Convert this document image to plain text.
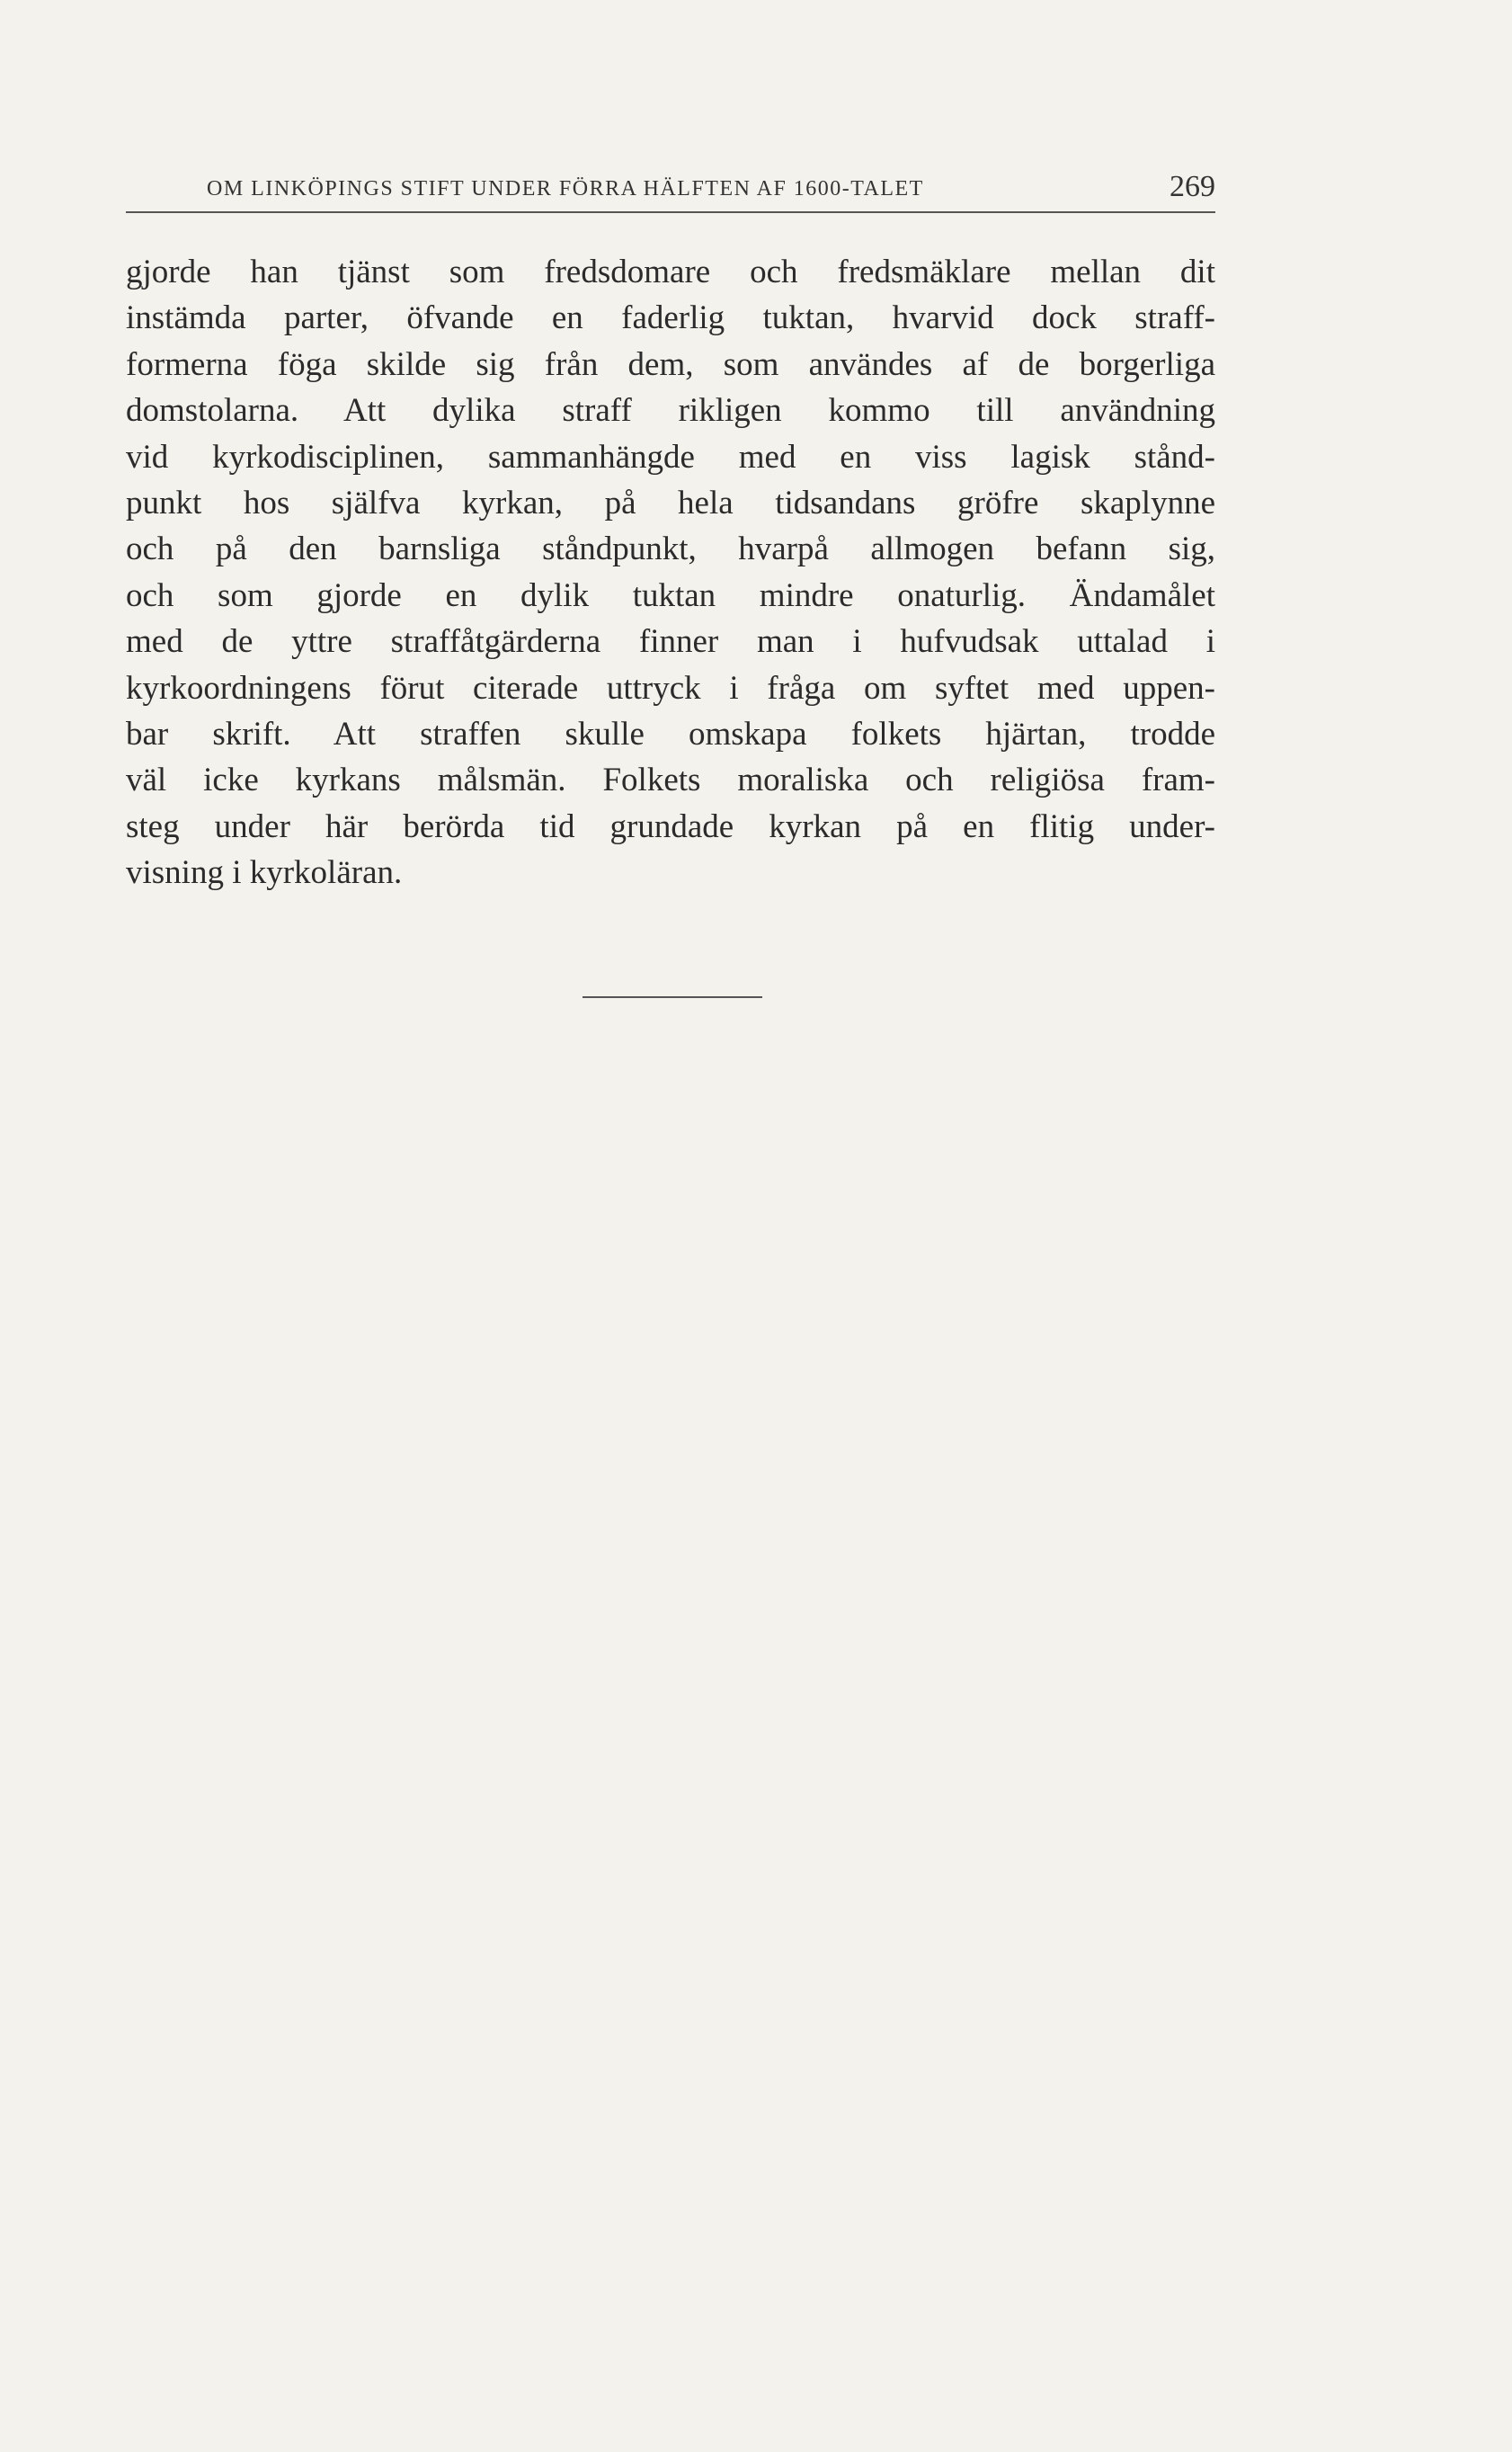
OM LINKÖPINGS STIFT UNDER FÖRRA HÄLFTEN AF 1600-TALET	269

gjorde han tjänst som fredsdomare och fredsmäklare mellan dit
instämda parter, öfvande en faderlig tuktan, hvarvid dock straff-
formerna föga skilde sig från dem, som användes af de borgerliga
domstolarna. Att dylika straff rikligen kommo till användning
vid kyrkodisciplinen, sammanhängde med en viss lagisk stånd-
punkt hos själfva kyrkan, på hela tidsandans gröfre skaplynne
och på den barnsliga ståndpunkt, hvarpå allmogen befann sig,
och som gjorde en dylik tuktan mindre onaturlig. Ändamålet
med de yttre straffåtgärderna finner man i hufvudsak uttalad i
kyrkoordningens förut citerade uttryck i fråga om syftet med uppen-
bar skrift. Att straffen skulle omskapa folkets hjärtan, trodde
väl icke kyrkans målsmän. Folkets moraliska och religiösa fram-
steg under här berörda tid grundade kyrkan på en flitig under-
visning i kyrkoläran.
